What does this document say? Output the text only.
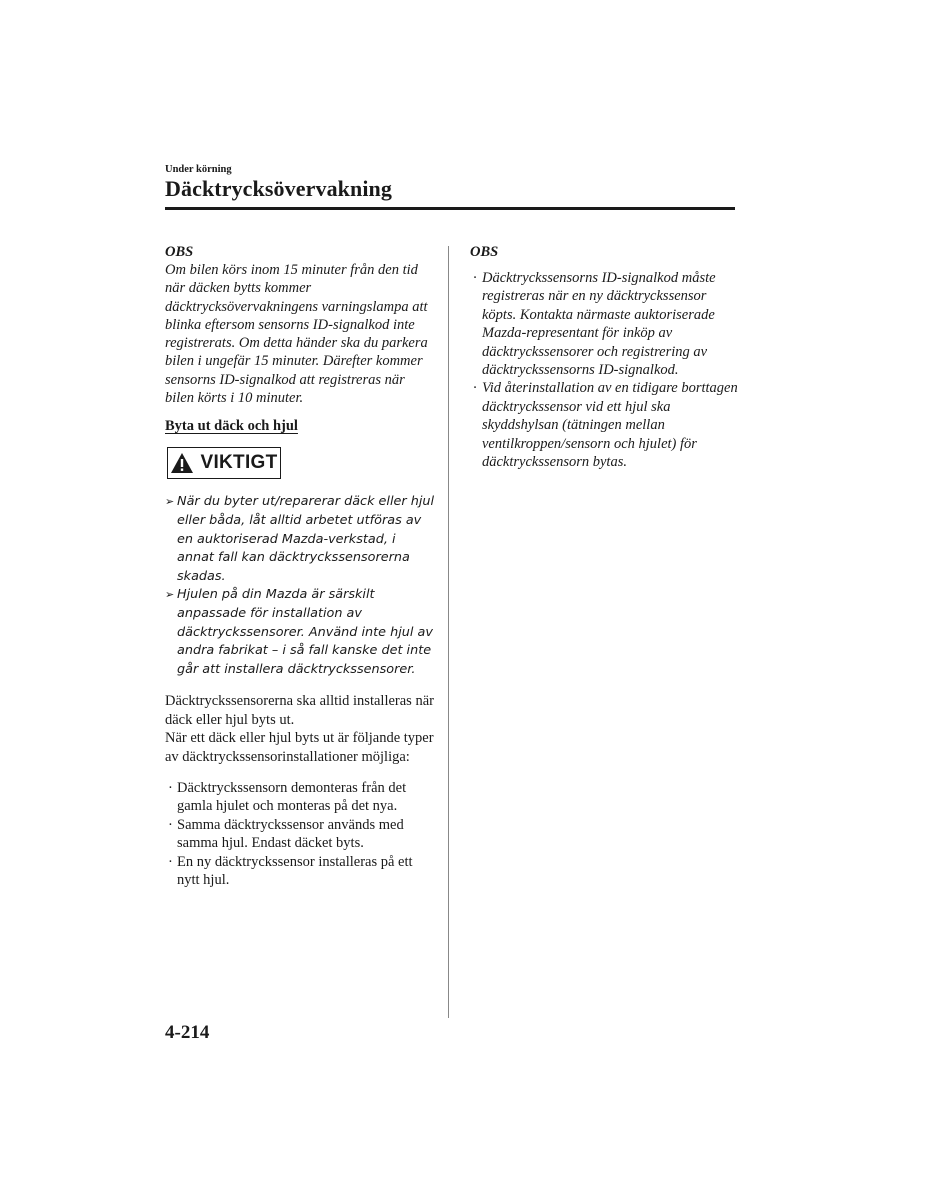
Under körning
Däcktrycksövervakning
OBS

Om bilen körs inom 15 minuter från den tid när däcken bytts kommer däcktrycksövervakningens varningslampa att blinka eftersom sensorns ID-signalkod inte registrerats. Om detta händer ska du parkera bilen i ungefär 15 minuter. Därefter kommer sensorns ID-signalkod att registreras när bilen körts i 10 minuter.

Byta ut däck och hjul
VIKTIGT
➢ När du byter ut/reparerar däck eller hjul eller båda, låt alltid arbetet utföras av en auktoriserad Mazda-verkstad, i annat fall kan däcktryckssensorerna skadas.
➢ Hjulen på din Mazda är särskilt anpassade för installation av däcktryckssensorer. Använd inte hjul av andra fabrikat – i så fall kanske det inte går att installera däcktryckssensorer.

Däcktryckssensorerna ska alltid installeras när däck eller hjul byts ut.

När ett däck eller hjul byts ut är följande typer av däcktryckssensorinstallationer möjliga:

· Däcktryckssensorn demonteras från det gamla hjulet och monteras på det nya.
· Samma däcktryckssensor används med samma hjul. Endast däcket byts.
· En ny däcktryckssensor installeras på ett nytt hjul.
OBS
· Däcktryckssensorns ID-signalkod måste registreras när en ny däcktryckssensor köpts. Kontakta närmaste auktoriserade Mazda-representant för inköp av däcktryckssensorer och registrering av däcktryckssensorns ID-signalkod.
· Vid återinstallation av en tidigare borttagen däcktryckssensor vid ett hjul ska skyddshylsan (tätningen mellan ventilkroppen/sensorn och hjulet) för däcktryckssensorn bytas.
4-214
